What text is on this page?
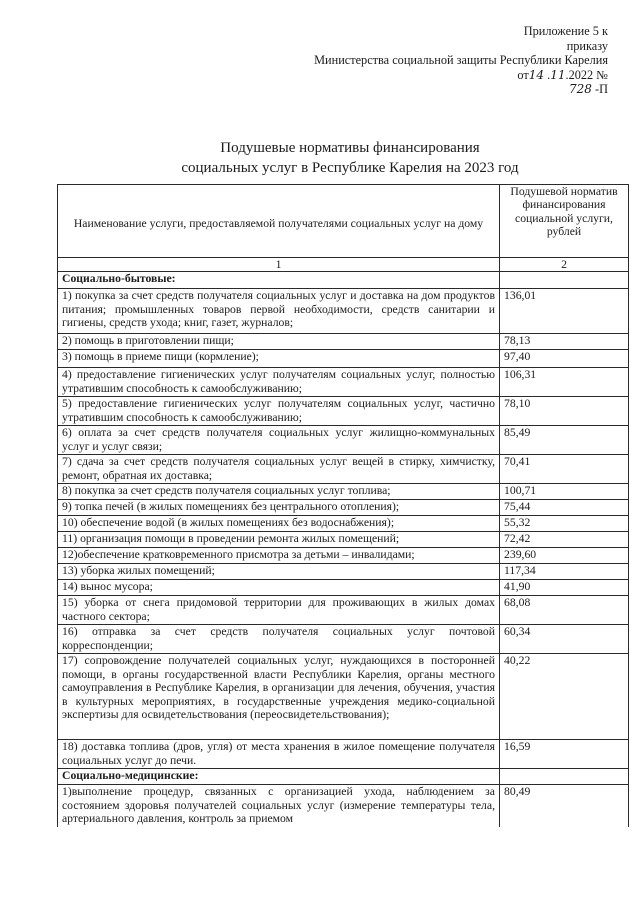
Приложение 5 к
приказу
Министерства социальной защиты Республики Карелия
от14 .11.2022 №
728 -П
Подушевые нормативы финансирования
социальных услуг в Республике Карелия на 2023 год
Наименование услуги, предоставляемой получателями социальных услуг на дому	Подушевой норматив финансирования социальной услуги, рублей
1	2
Социально-бытовые:	
1) покупка за счет средств получателя социальных услуг и доставка на дом продуктов питания; промышленных товаров первой необходимости, средств санитарии и гигиены, средств ухода; книг, газет, журналов;	136,01
2) помощь в приготовлении пищи;	78,13
3) помощь в приеме пищи (кормление);	97,40
4) предоставление гигиенических услуг получателям социальных услуг, полностью утратившим способность к самообслуживанию;	106,31
5) предоставление гигиенических услуг получателям социальных услуг, частично утратившим способность к самообслуживанию;	78,10
6) оплата за счет средств получателя социальных услуг жилищно-коммунальных услуг и услуг связи;	85,49
7) сдача за счет средств получателя социальных услуг вещей в стирку, химчистку, ремонт, обратная их доставка;	70,41
8) покупка за счет средств получателя социальных услуг топлива;	100,71
9) топка печей (в жилых помещениях без центрального отопления);	75,44
10) обеспечение водой (в жилых помещениях без водоснабжения);	55,32
11) организация помощи в проведении ремонта жилых помещений;	72,42
12)обеспечение кратковременного присмотра за детьми – инвалидами;	239,60
13) уборка жилых помещений;	117,34
14) вынос мусора;	41,90
15) уборка от снега придомовой территории для проживающих в жилых домах частного сектора;	68,08
16) отправка за счет средств получателя социальных услуг почтовой корреспонденции;	60,34
17) сопровождение получателей социальных услуг, нуждающихся в посторонней помощи, в органы государственной власти Республики Карелия, органы местного самоуправления в Республике Карелия, в организации для лечения, обучения, участия в культурных мероприятиях, в государственные учреждения медико-социальной экспертизы для освидетельствования (переосвидетельствования);	40,22
18) доставка топлива (дров, угля) от места хранения в жилое помещение получателя социальных услуг до печи.	16,59
Социально-медицинские:	
1)выполнение процедур, связанных с организацией ухода, наблюдением за состоянием здоровья получателей социальных услуг (измерение температуры тела, артериального давления, контроль за приемом	80,49
